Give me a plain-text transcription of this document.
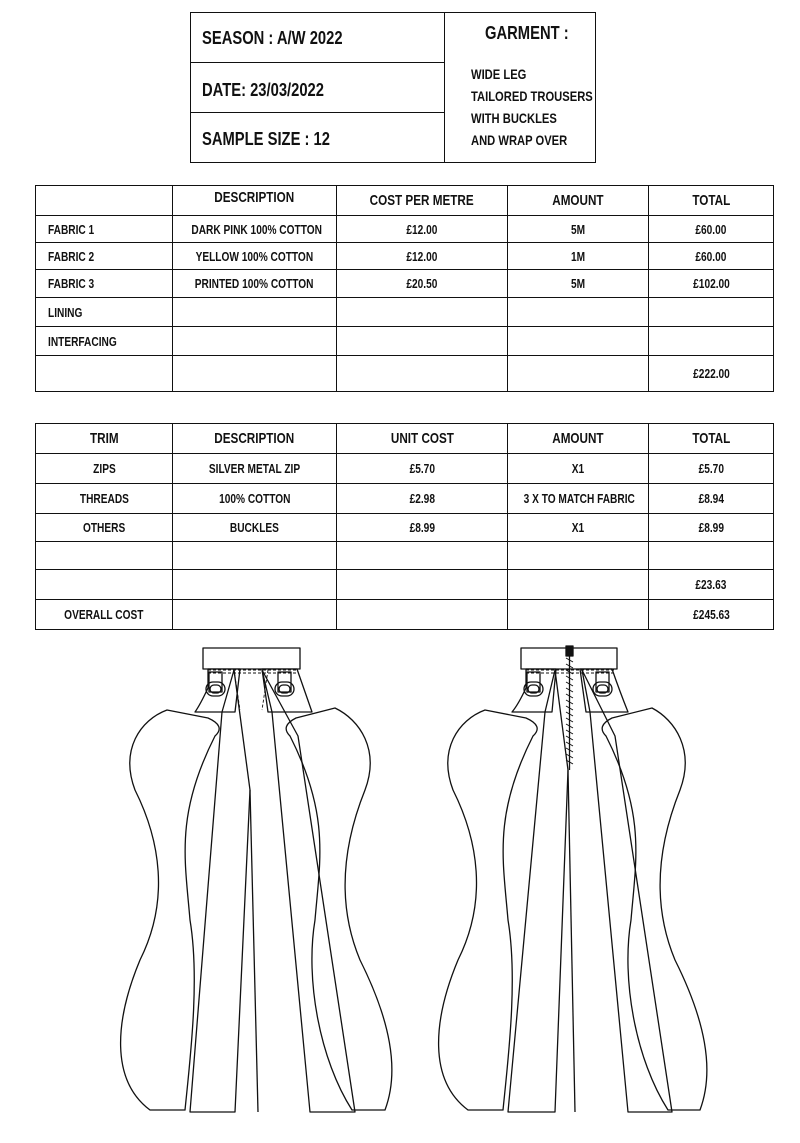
SEASON : A/W 2022
DATE: 23/03/2022
SAMPLE SIZE : 12
GARMENT :
WIDE LEG
TAILORED TROUSERS
WITH BUCKLES
AND WRAP OVER
	DESCRIPTION	COST PER METRE	AMOUNT	TOTAL
FABRIC 1	DARK PINK 100% COTTON	£12.00	5M	£60.00
FABRIC 2	YELLOW 100% COTTON	£12.00	1M	£60.00
FABRIC 3	PRINTED 100% COTTON	£20.50	5M	£102.00
LINING				
INTERFACING				
				£222.00
TRIM	DESCRIPTION	UNIT COST	AMOUNT	TOTAL
ZIPS	SILVER METAL ZIP	£5.70	X1	£5.70
THREADS	100% COTTON	£2.98	3 X TO MATCH FABRIC	£8.94
OTHERS	BUCKLES	£8.99	X1	£8.99

				£23.63
OVERALL COST				£245.63
